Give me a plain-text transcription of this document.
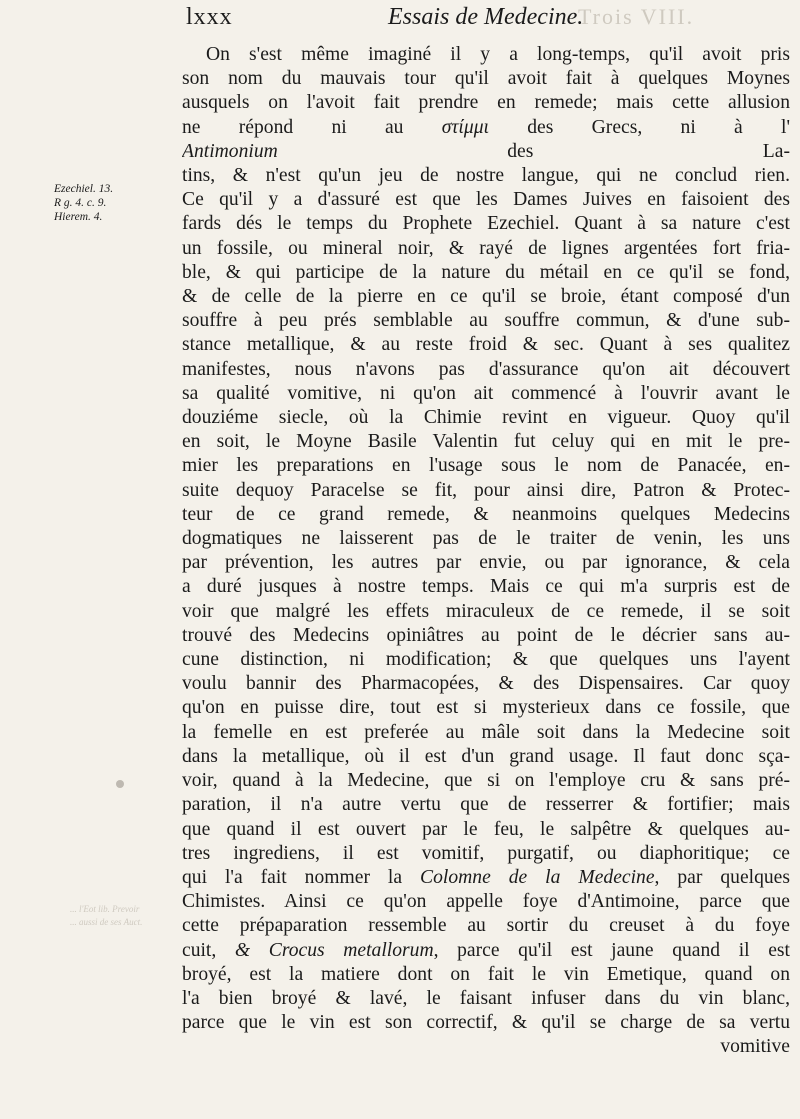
lxxx	Essais de Medecine.
Trois VIII.
Ezechiel. 13.
R g. 4. c. 9.
Hierem. 4.
... l'Eot lib. Prevoir
... aussi de ses Auct.
On s'est même imaginé il y a long-temps, qu'il avoit pris
son nom du mauvais tour qu'il avoit fait à quelques Moynes
ausquels on l'avoit fait prendre en remede; mais cette allusion
ne répond ni au στίμμι des Grecs, ni à l'
Antimonium des La-
tins, & n'est qu'un jeu de nostre langue, qui ne conclud rien.
Ce qu'il y a d'assuré est que les Dames Juives en faisoient des
fards dés le temps du Prophete Ezechiel. Quant à sa nature c'est
un fossile, ou mineral noir, & rayé de lignes argentées fort fria-
ble, & qui participe de la nature du métail en ce qu'il se fond,
& de celle de la pierre en ce qu'il se broie, étant composé d'un
souffre à peu prés semblable au souffre commun, & d'une sub-
stance metallique, & au reste froid & sec. Quant à ses qualitez
manifestes, nous n'avons pas d'assurance qu'on ait découvert
sa qualité vomitive, ni qu'on ait commencé à l'ouvrir avant le
douziéme siecle, où la Chimie revint en vigueur. Quoy qu'il
en soit, le Moyne Basile Valentin fut celuy qui en mit le pre-
mier les preparations en l'usage sous le nom de Panacée, en-
suite dequoy Paracelse se fit, pour ainsi dire, Patron & Protec-
teur de ce grand remede, & neanmoins quelques Medecins
dogmatiques ne laisserent pas de le traiter de venin, les uns
par prévention, les autres par envie, ou par ignorance, & cela
a duré jusques à nostre temps. Mais ce qui m'a surpris est de
voir que malgré les effets miraculeux de ce remede, il se soit
trouvé des Medecins opiniâtres au point de le décrier sans au-
cune distinction, ni modification; & que quelques uns l'ayent
voulu bannir des Pharmacopées, & des Dispensaires. Car quoy
qu'on en puisse dire, tout est si mysterieux dans ce fossile, que
la femelle en est preferée au mâle soit dans la Medecine soit
dans la metallique, où il est d'un grand usage. Il faut donc sça-
voir, quand à la Medecine, que si on l'employe cru & sans pré-
paration, il n'a autre vertu que de resserrer & fortifier; mais
que quand il est ouvert par le feu, le salpêtre & quelques au-
tres ingrediens, il est vomitif, purgatif, ou diaphoritique; ce
qui l'a fait nommer la Colomne de la Medecine, par quelques
Chimistes. Ainsi ce qu'on appelle foye d'Antimoine, parce que
cette prépaparation ressemble au sortir du creuset à du foye
cuit, & Crocus metallorum, parce qu'il est jaune quand il est
broyé, est la matiere dont on fait le vin Emetique, quand on
l'a bien broyé & lavé, le faisant infuser dans du vin blanc,
parce que le vin est son correctif, & qu'il se charge de sa vertu
vomitive
